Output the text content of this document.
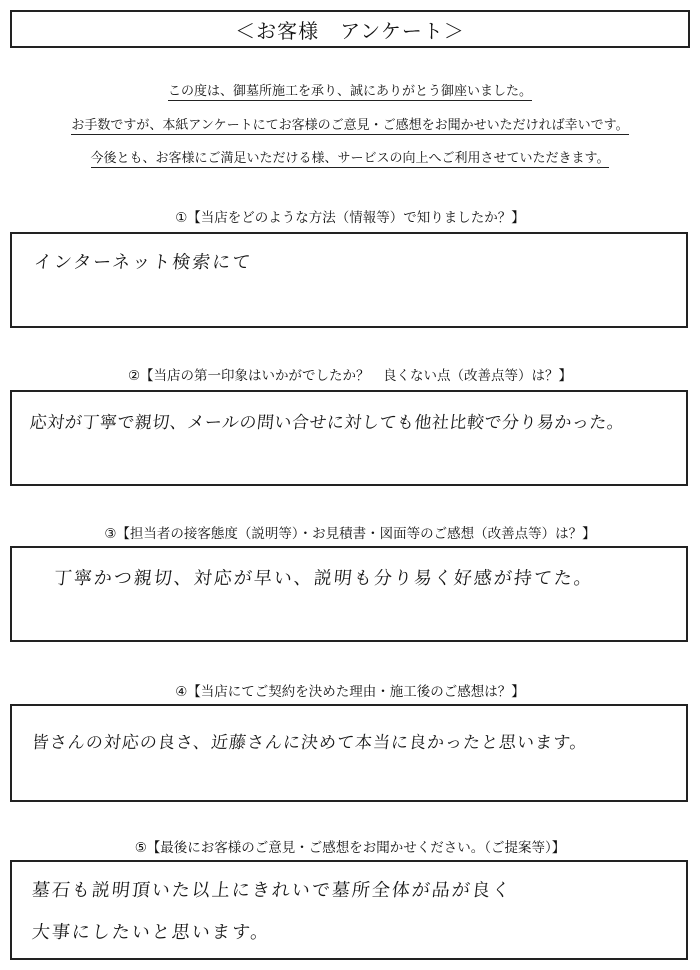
＜お客様　アンケート＞
この度は、御墓所施工を承り、誠にありがとう御座いました。
お手数ですが、本紙アンケートにてお客様のご意見・ご感想をお聞かせいただければ幸いです。
今後とも、お客様にご満足いただける様、サービスの向上へご利用させていただきます。
①【当店をどのような方法（情報等）で知りましたか？】
インターネット検索にて
②【当店の第一印象はいかがでしたか？　良くない点（改善点等）は？】
応対が丁寧で親切、メールの問い合せに対しても他社比較で分り易かった。
③【担当者の接客態度（説明等）・お見積書・図面等のご感想（改善点等）は？】
丁寧かつ親切、対応が早い、説明も分り易く好感が持てた。
④【当店にてご契約を決めた理由・施工後のご感想は？】
皆さんの対応の良さ、近藤さんに決めて本当に良かったと思います。
⑤【最後にお客様のご意見・ご感想をお聞かせください。（ご提案等）】
墓石も説明頂いた以上にきれいで墓所全体が品が良く
大事にしたいと思います。
